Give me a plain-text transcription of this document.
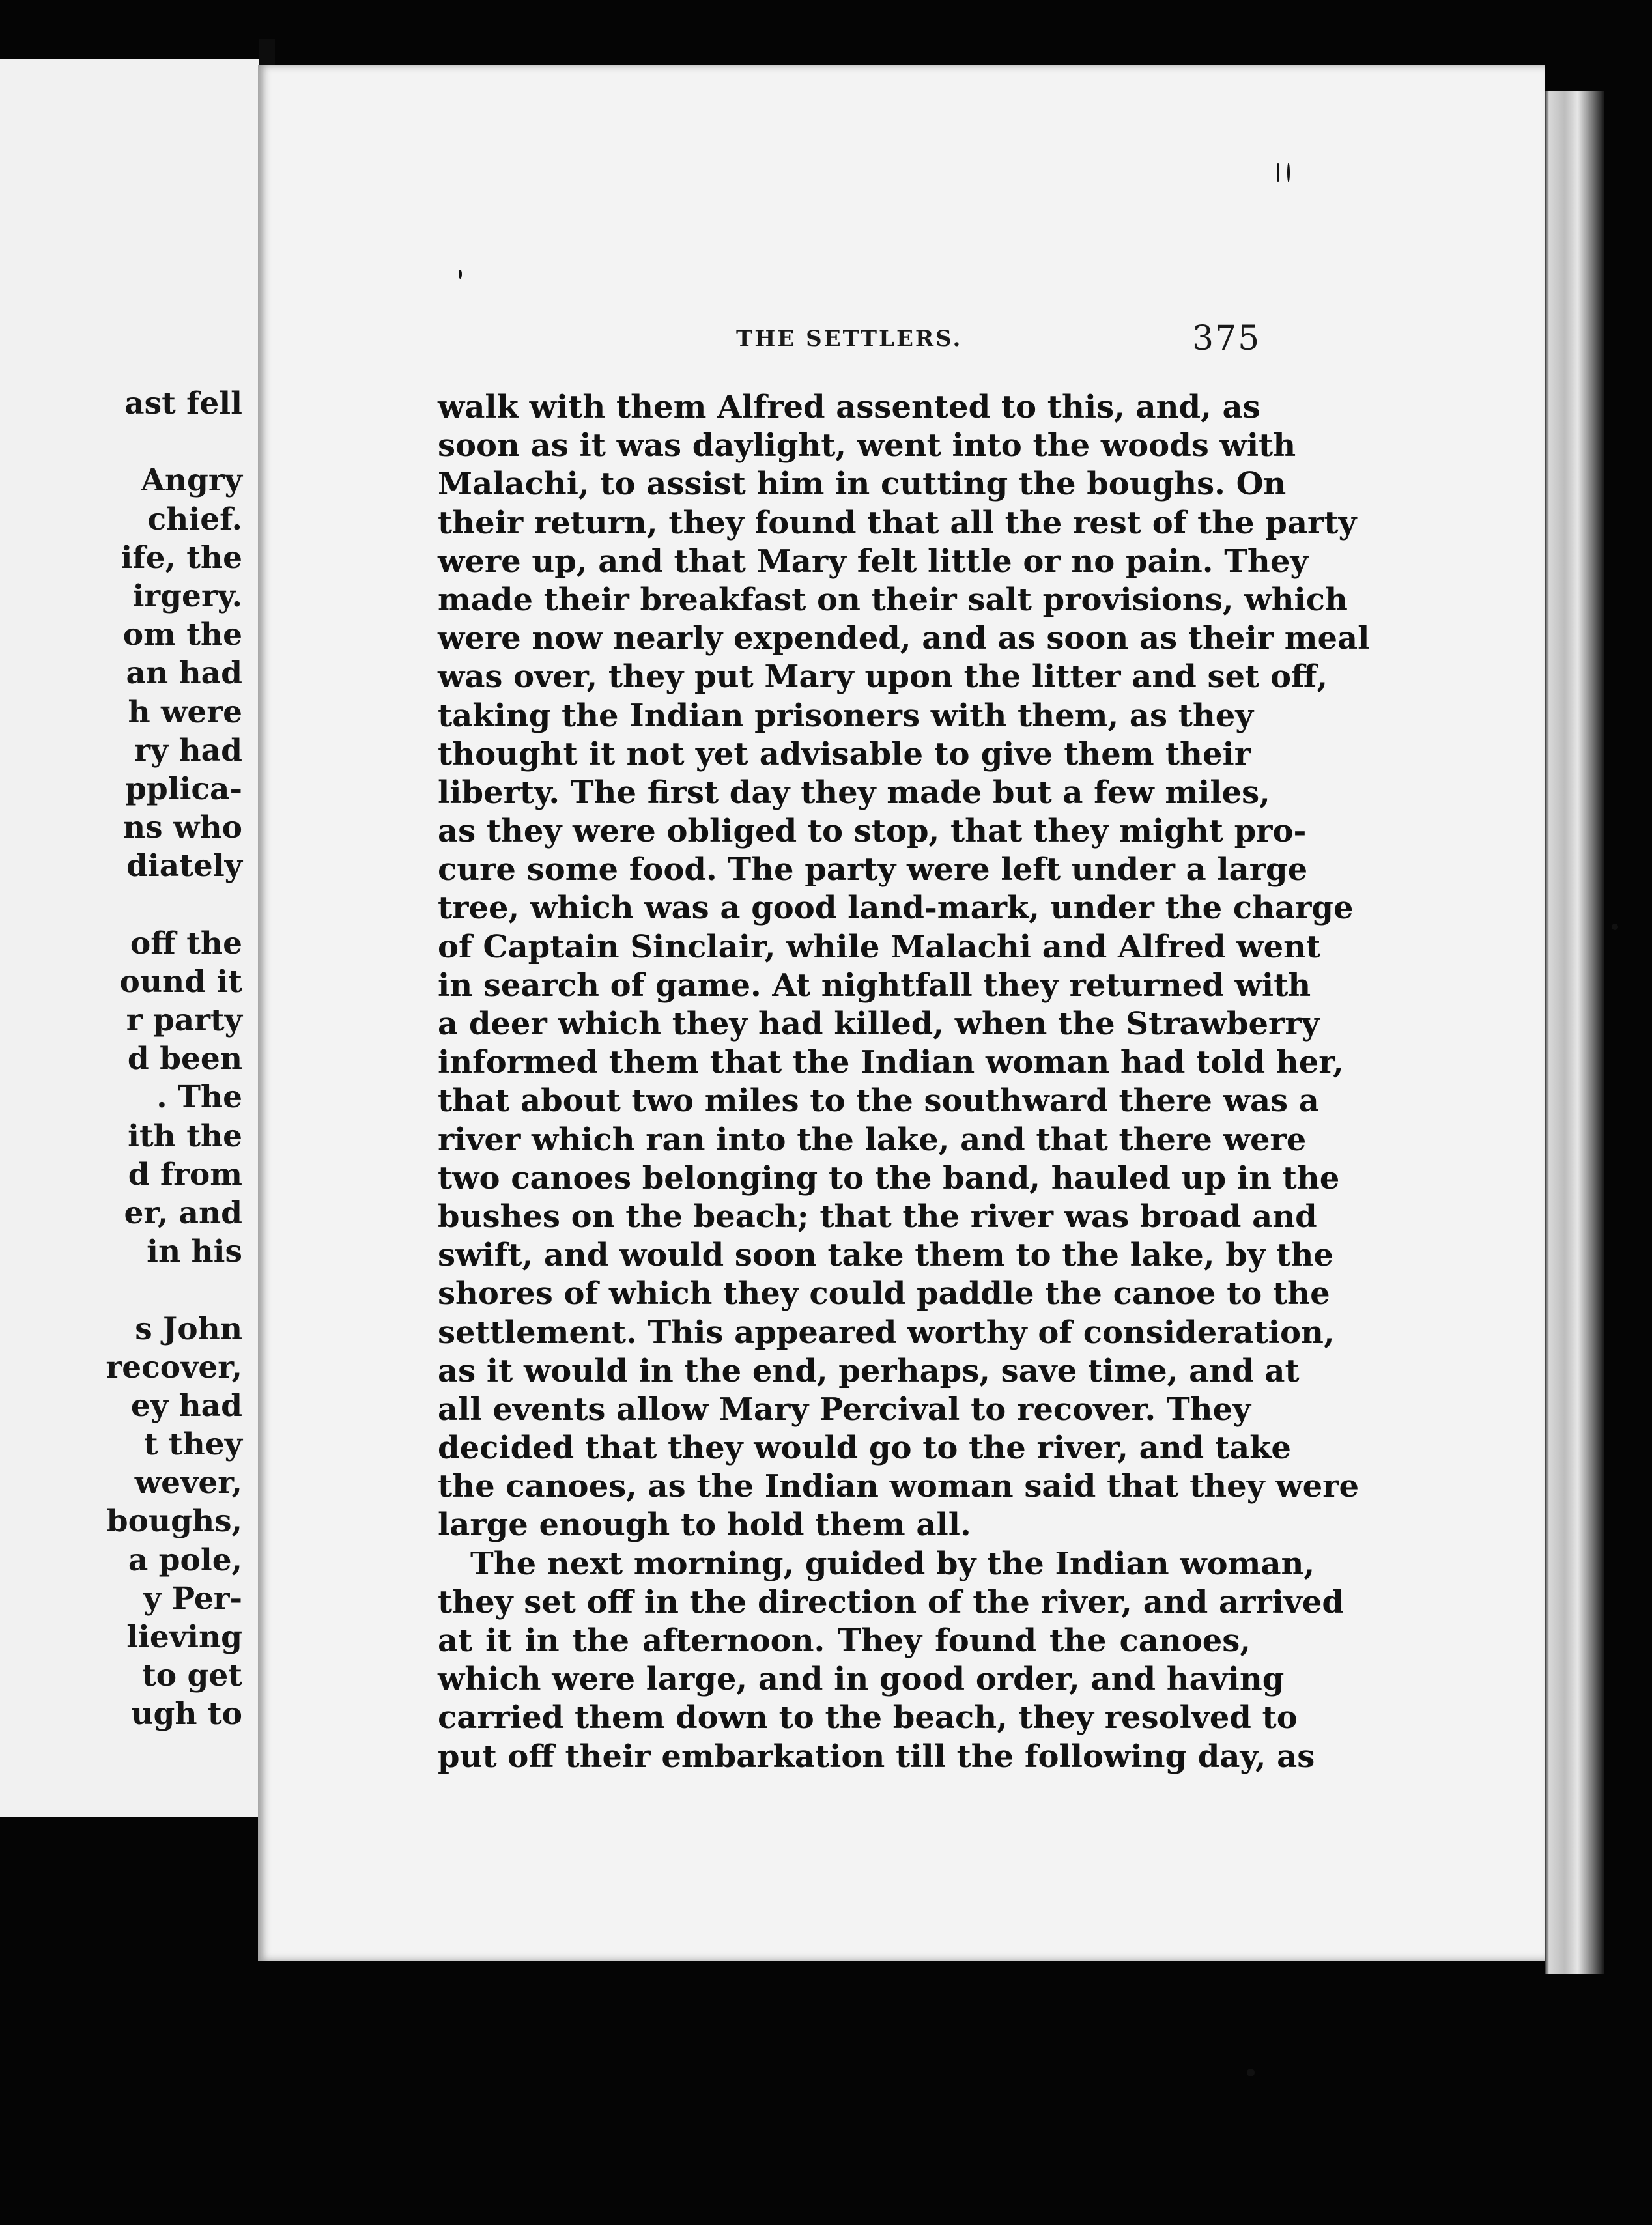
ast fell
Angry
chief.
ife, the
irgery.
om the
an had
h were
ry had
pplica-
ns who
diately
off the
ound it
r party
d been
. The
ith the
d from
er, and
in his
s John
recover,
ey had
t they
wever,
boughs,
a pole,
y Per-
lieving
to get
ugh to
THE SETTLERS.	375
walk with them Alfred assented to this, and, as
soon as it was daylight, went into the woods with
Malachi, to assist him in cutting the boughs. On
their return, they found that all the rest of the party
were up, and that Mary felt little or no pain. They
made their breakfast on their salt provisions, which
were now nearly expended, and as soon as their meal
was over, they put Mary upon the litter and set off,
taking the Indian prisoners with them, as they
thought it not yet advisable to give them their
liberty. The first day they made but a few miles,
as they were obliged to stop, that they might pro-
cure some food. The party were left under a large
tree, which was a good land-mark, under the charge
of Captain Sinclair, while Malachi and Alfred went
in search of game. At nightfall they returned with
a deer which they had killed, when the Strawberry
informed them that the Indian woman had told her,
that about two miles to the southward there was a
river which ran into the lake, and that there were
two canoes belonging to the band, hauled up in the
bushes on the beach; that the river was broad and
swift, and would soon take them to the lake, by the
shores of which they could paddle the canoe to the
settlement. This appeared worthy of consideration,
as it would in the end, perhaps, save time, and at
all events allow Mary Percival to recover. They
decided that they would go to the river, and take
the canoes, as the Indian woman said that they were
large enough to hold them all.
The next morning, guided by the Indian woman,
they set off in the direction of the river, and arrived
at it in the afternoon. They found the canoes,
which were large, and in good order, and having
carried them down to the beach, they resolved to
put off their embarkation till the following day, as
